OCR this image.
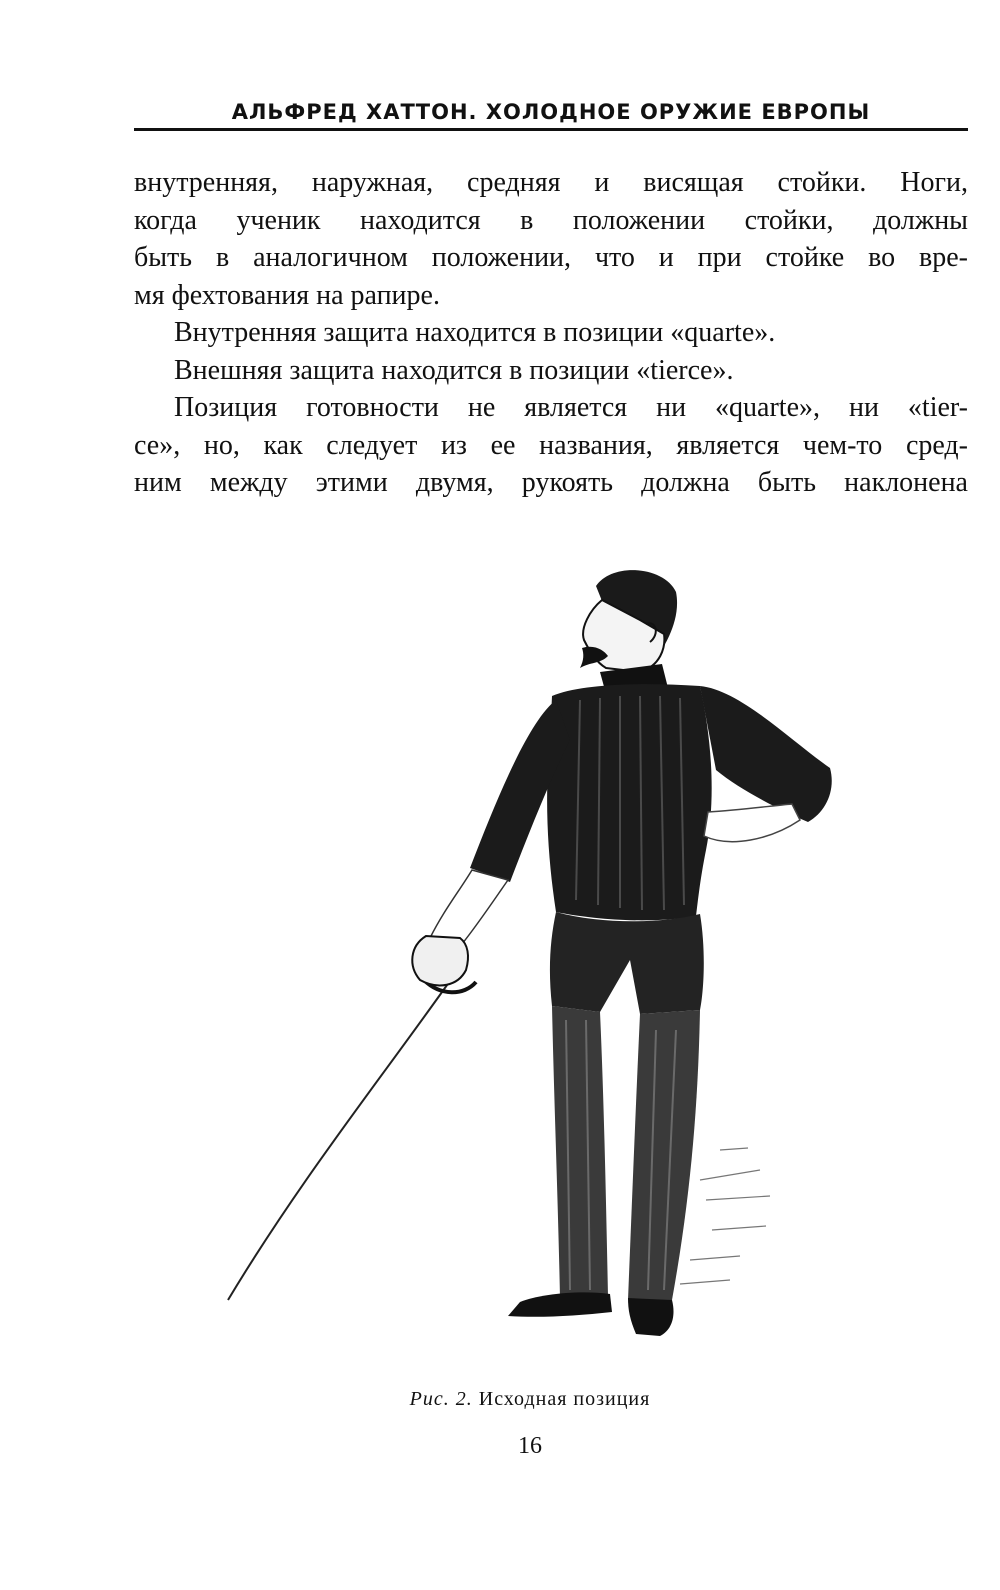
АЛЬФРЕД ХАТТОН. ХОЛОДНОЕ ОРУЖИЕ ЕВРОПЫ
внутренняя, наружная, средняя и висящая стойки. Ноги,
когда ученик находится в положении стойки, должны
быть в аналогичном положении, что и при стойке во вре-
мя фехтования на рапире.
Внутренняя защита находится в позиции «quarte».
Внешняя защита находится в позиции «tierce».
Позиция готовности не является ни «quarte», ни «tier-
се», но, как следует из ее названия, является чем-то сред-
ним между этими двумя, рукоять должна быть наклонена
Рис. 2. Исходная позиция
16
